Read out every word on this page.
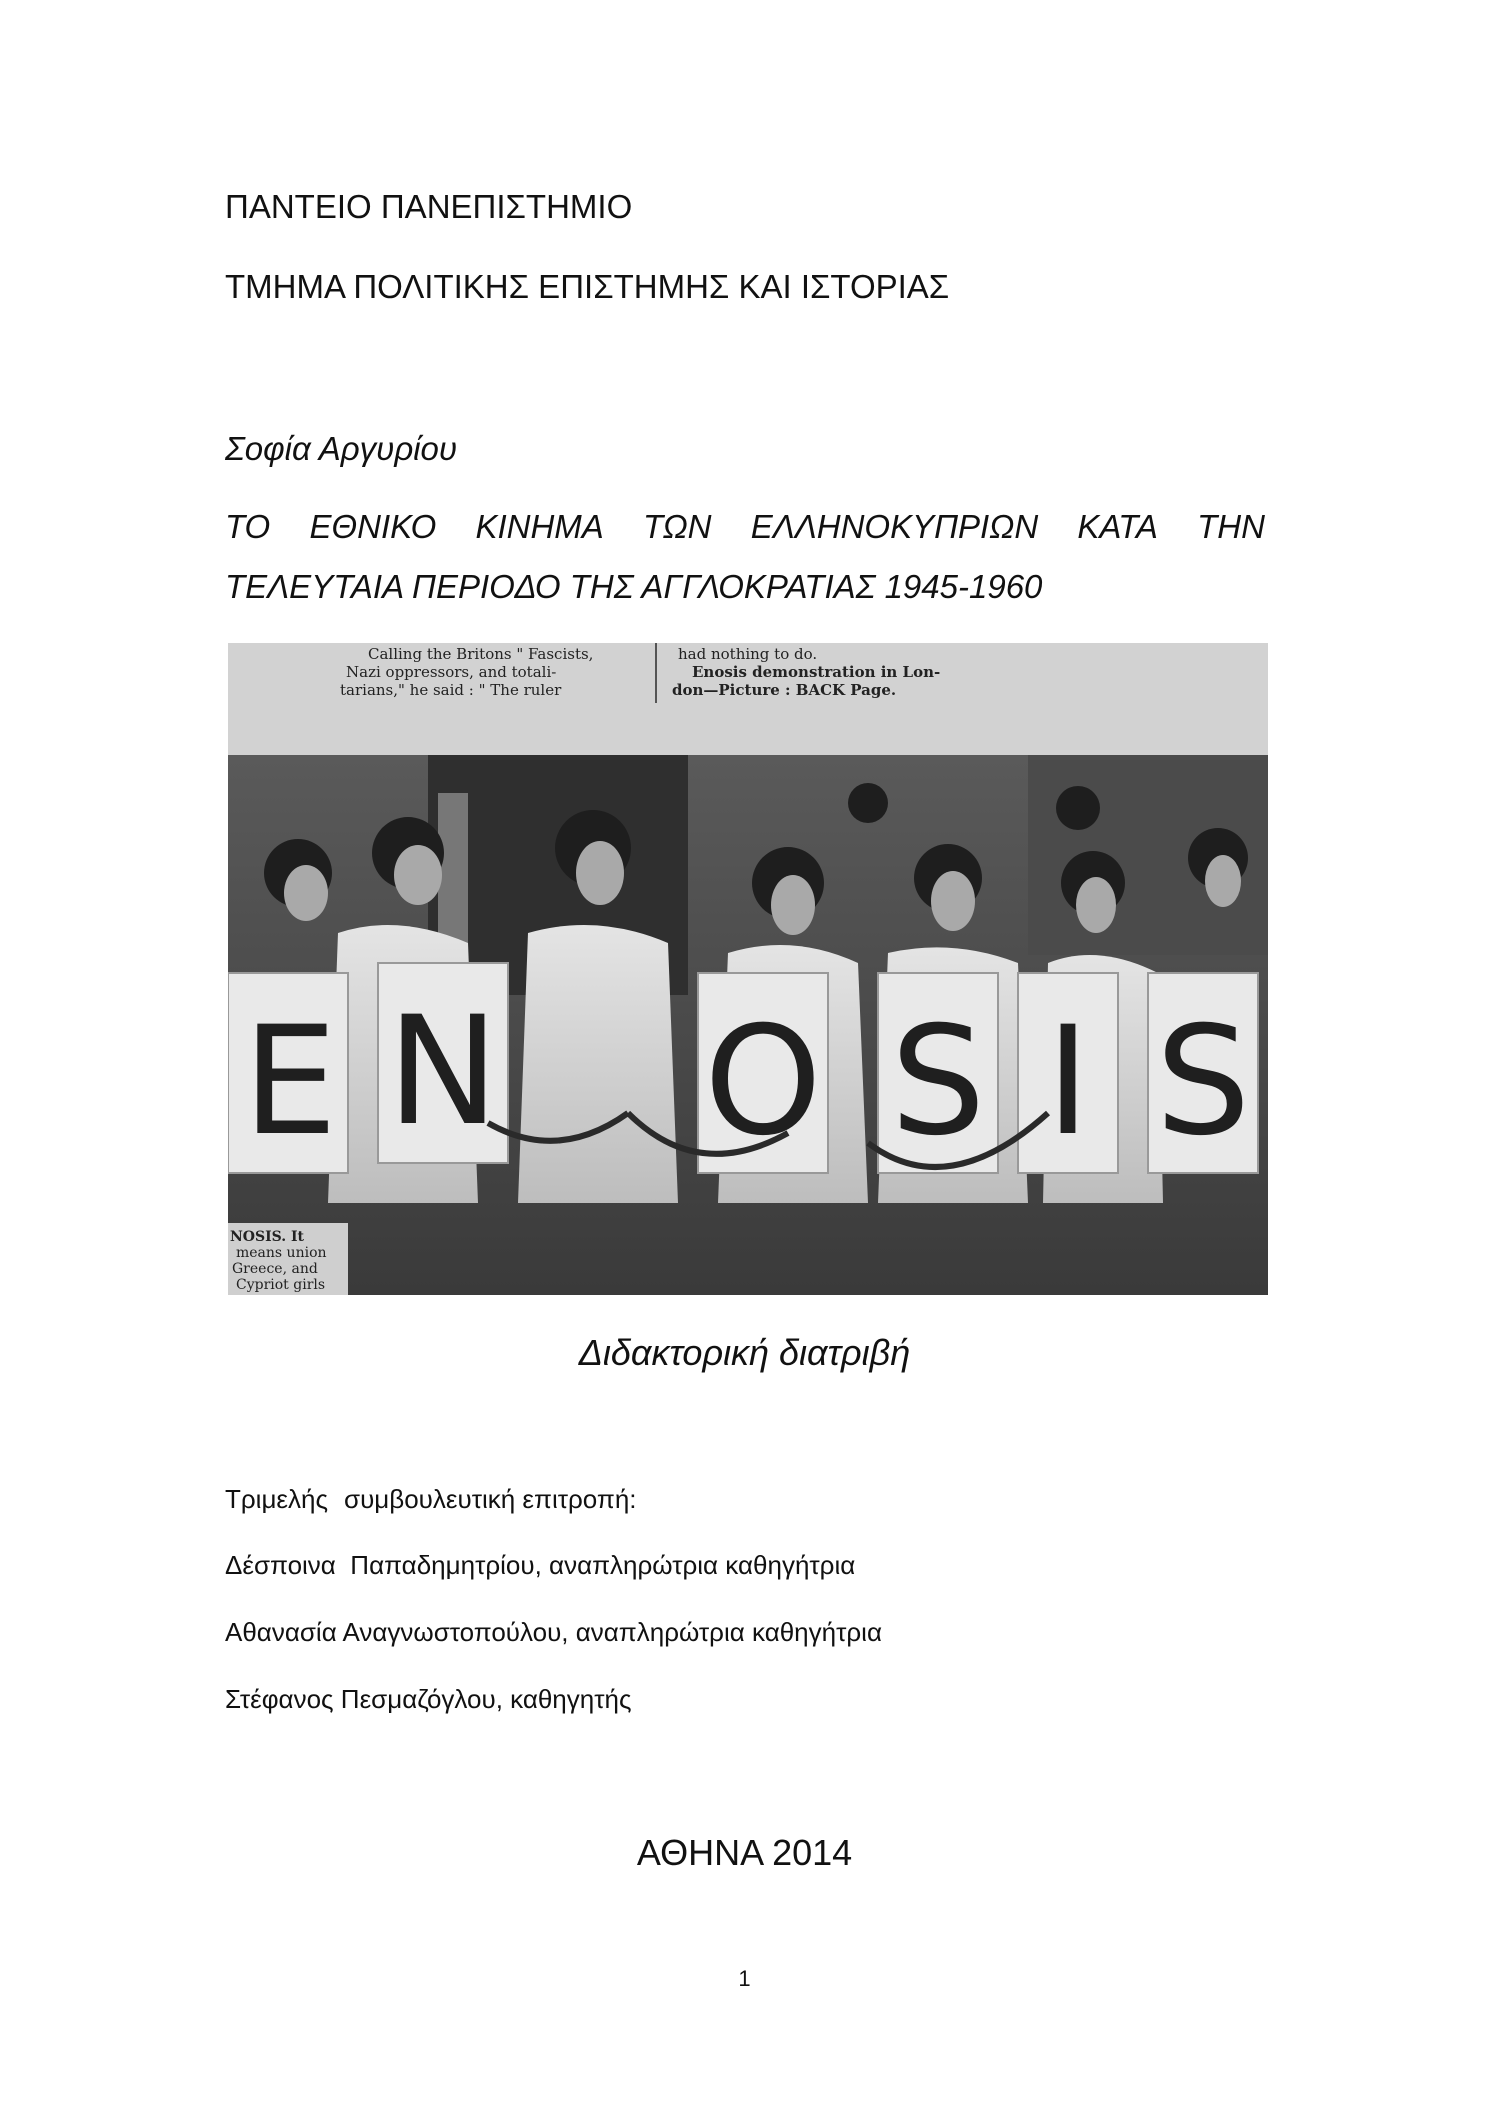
ΠΑΝΤΕΙΟ ΠΑΝΕΠΙΣΤΗΜΙΟ
ΤΜΗΜΑ ΠΟΛΙΤΙΚΗΣ ΕΠΙΣΤΗΜΗΣ ΚΑΙ ΙΣΤΟΡΙΑΣ
Σοφία Αργυρίου
ΤΟ ΕΘΝΙΚΟ ΚΙΝΗΜΑ ΤΩΝ ΕΛΛΗΝΟΚΥΠΡΙΩΝ ΚΑΤΑ ΤΗΝ
ΤΕΛΕΥΤΑΙΑ ΠΕΡΙΟΔΟ ΤΗΣ ΑΓΓΛΟΚΡΑΤΙΑΣ 1945-1960
Calling the Britons " Fascists,
Nazi oppressors, and totali-
tarians," he said : " The ruler
had nothing to do.
Enosis demonstration in Lon-
don—Picture : BACK Page.
E N O S I S
NOSIS. It
means union
Greece, and
Cypriot girls
Διδακτορική διατριβή
Τριμελής συμβουλευτική επιτροπή:
Δέσποινα  Παπαδημητρίου, αναπληρώτρια καθηγήτρια
Αθανασία Αναγνωστοπούλου, αναπληρώτρια καθηγήτρια
Στέφανος Πεσμαζόγλου, καθηγητής
ΑΘΗΝΑ 2014
1
